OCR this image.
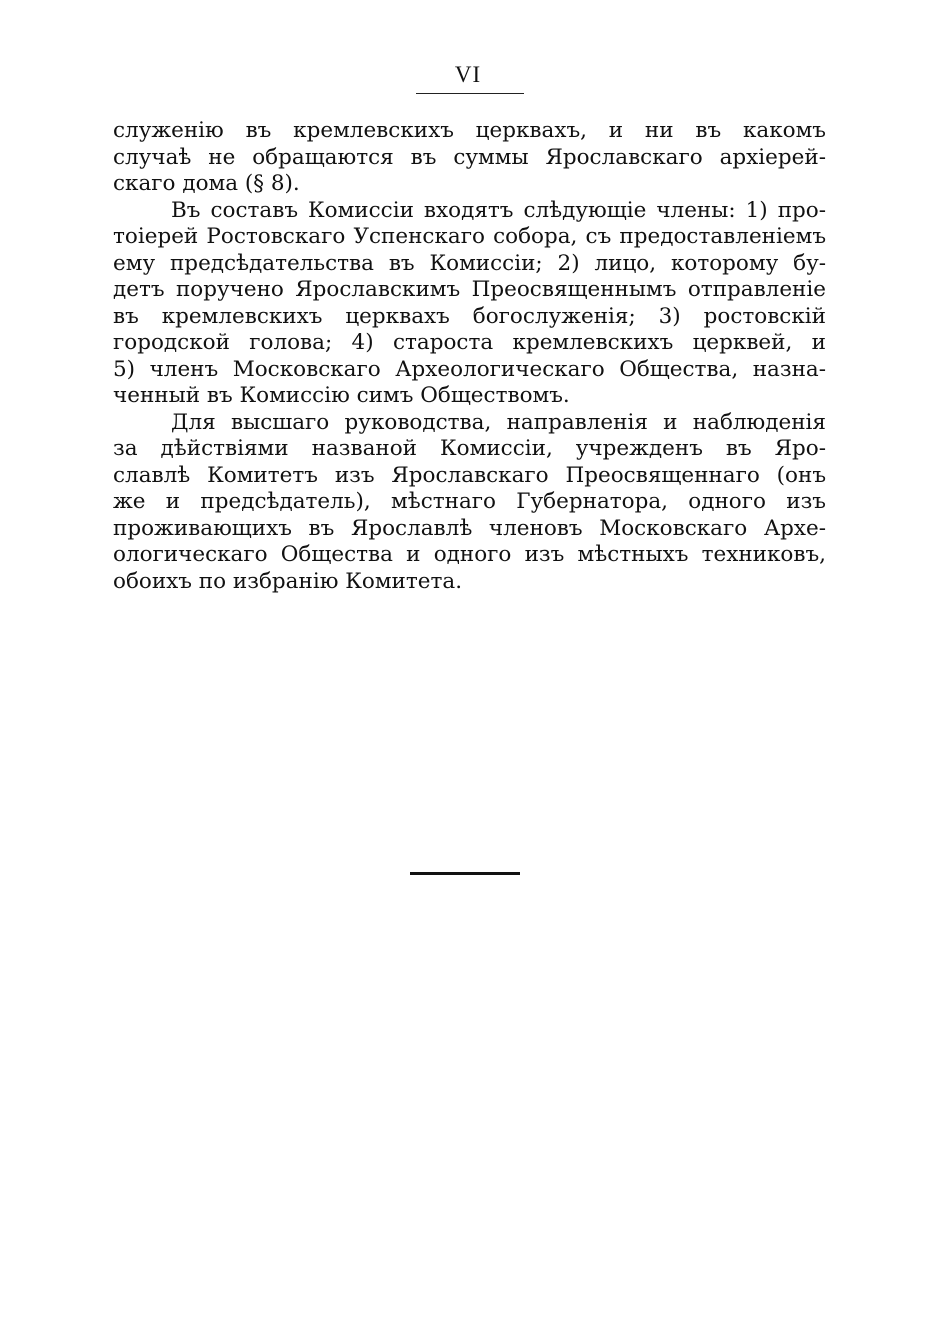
VI
служенію въ кремлевскихъ церквахъ, и ни въ какомъ
случаѣ не обращаются въ суммы Ярославскаго архіерей-
скаго дома (§ 8).
Въ составъ Комиссіи входятъ слѣдующіе члены: 1) про-
тоіерей Ростовскаго Успенскаго собора, съ предоставленіемъ
ему предсѣдательства въ Комиссіи; 2) лицо, которому бу-
детъ поручено Ярославскимъ Преосвященнымъ отправленіе
въ кремлевскихъ церквахъ богослуженія; 3) ростовскій
городской голова; 4) староста кремлевскихъ церквей, и
5) членъ Московскаго Археологическаго Общества, назна-
ченный въ Комиссію симъ Обществомъ.
Для высшаго руководства, направленія и наблюденія
за дѣйствіями названой Комиссіи, учрежденъ въ Яро-
славлѣ Комитетъ изъ Ярославскаго Преосвященнаго (онъ
же и предсѣдатель), мѣстнаго Губернатора, одного изъ
проживающихъ въ Ярославлѣ членовъ Московскаго Архе-
ологическаго Общества и одного изъ мѣстныхъ техниковъ,
обоихъ по избранію Комитета.
